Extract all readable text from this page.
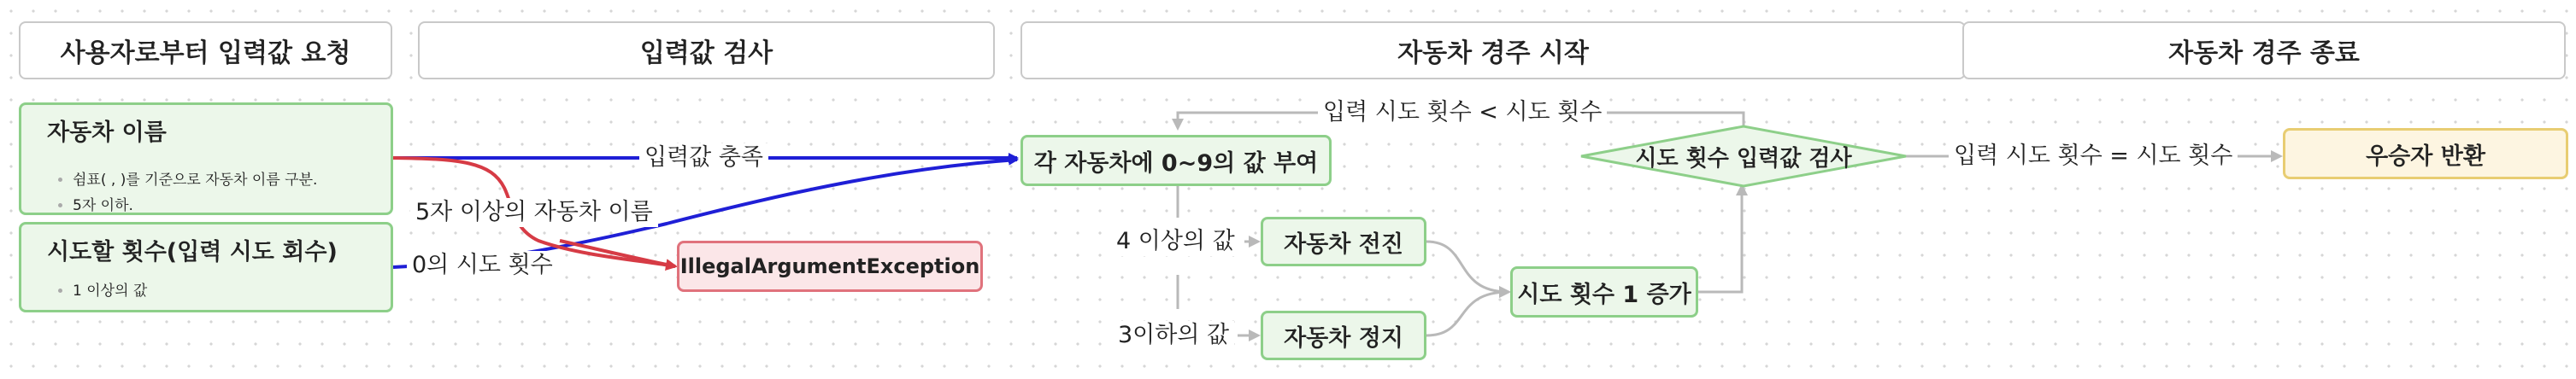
사용자로부터 입력값 요청	입력값 검사	자동차 경주 시작	자동차 경주 종료
자동차 이름
• 쉼표( , )를 기준으로 자동차 이름 구분.
• 5자 이하.
시도할 횟수(입력 시도 회수)
• 1 이상의 값
각 자동차에 0~9의 값 부여
IllegalArgumentException
자동차 전진
자동차 정지
시도 횟수 1 증가
시도 횟수 입력값 검사	우승자 반환
입력값 충족
5자 이상의 자동차 이름
0의 시도 횟수
4 이상의 값
3이하의 값
입력 시도 횟수 < 시도 횟수
입력 시도 횟수 = 시도 횟수
